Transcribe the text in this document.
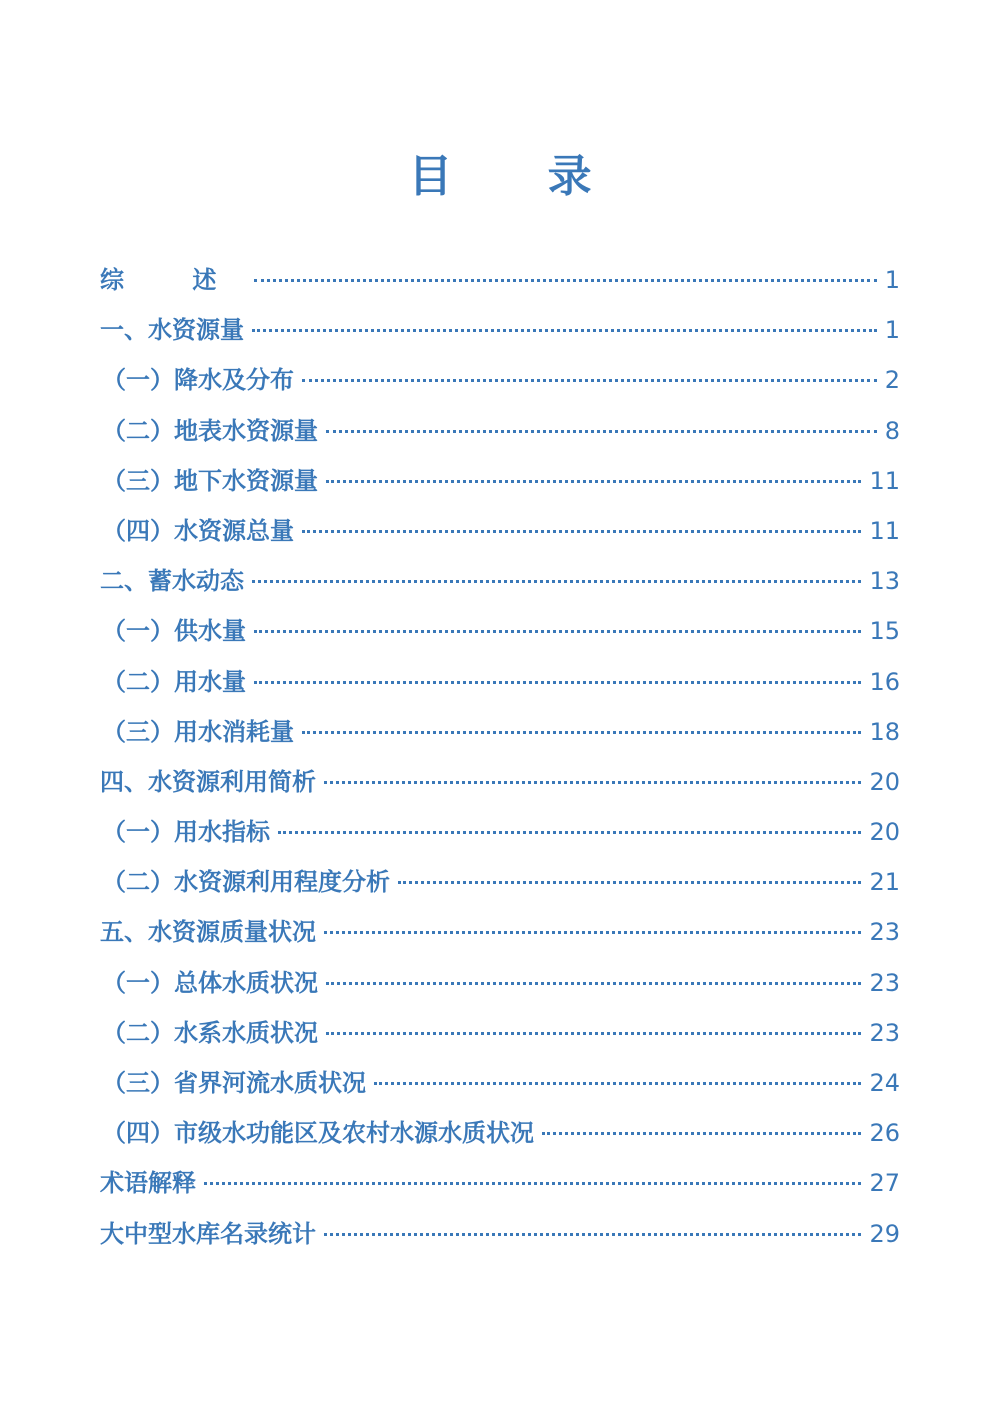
目 录
综 述	1
一、水资源量	1
（一）降水及分布	2
（二）地表水资源量	8
（三）地下水资源量	11
（四）水资源总量	11
二、蓄水动态	13
（一）供水量	15
（二）用水量	16
（三）用水消耗量	18
四、水资源利用简析	20
（一）用水指标	20
（二）水资源利用程度分析	21
五、水资源质量状况	23
（一）总体水质状况	23
（二）水系水质状况	23
（三）省界河流水质状况	24
（四）市级水功能区及农村水源水质状况	26
术语解释	27
大中型水库名录统计	29
